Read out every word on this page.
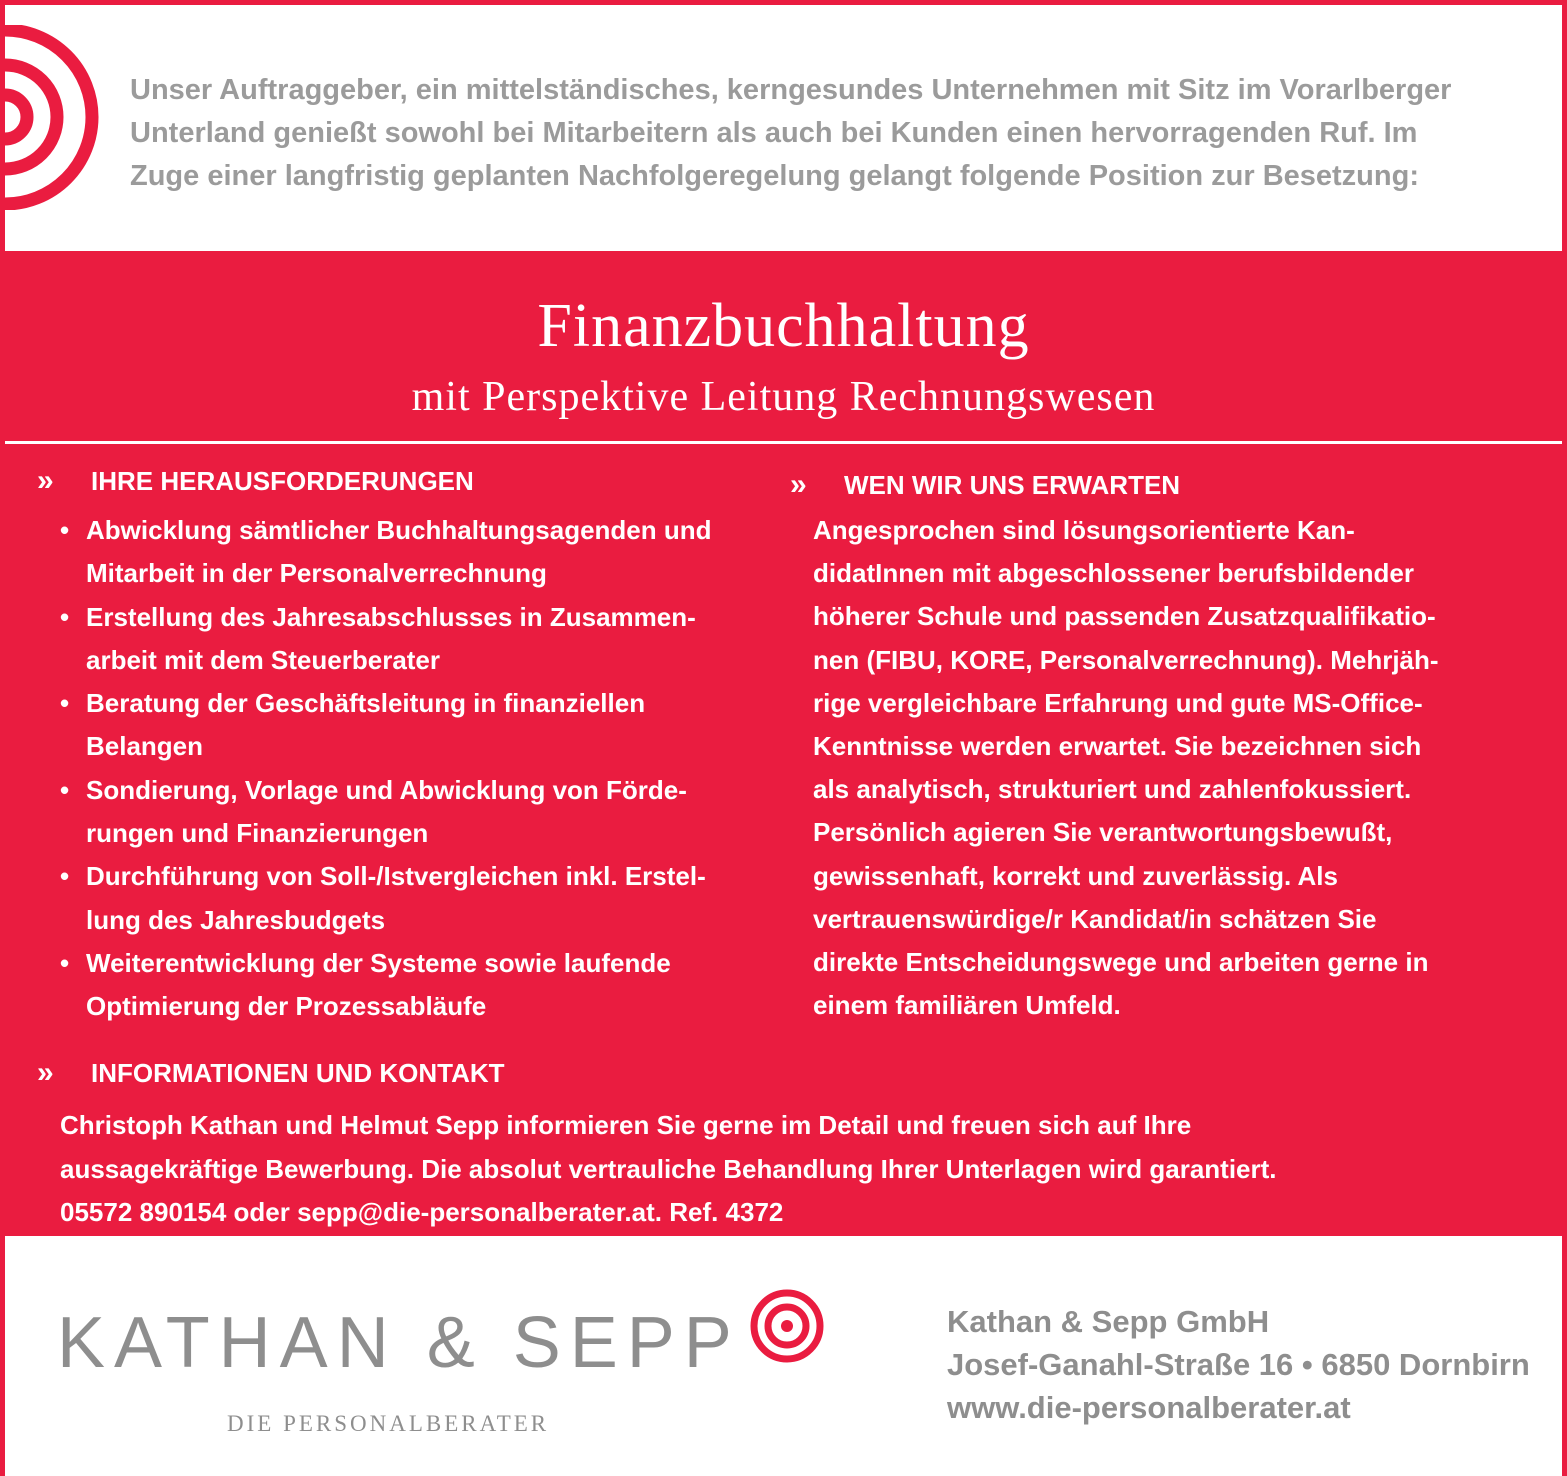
Unser Auftraggeber, ein mittelständisches, kerngesundes Unternehmen mit Sitz im Vorarlberger
Unterland genießt sowohl bei Mitarbeitern als auch bei Kunden einen hervorragenden Ruf. Im
Zuge einer langfristig geplanten Nachfolgeregelung gelangt folgende Position zur Besetzung:

Finanzbuchhaltung
mit Perspektive Leitung Rechnungswesen
»	IHRE HERAUSFORDERUNGEN
• Abwicklung sämtlicher Buchhaltungsagenden und
Mitarbeit in der Personalverrechnung
• Erstellung des Jahresabschlusses in Zusammen-
arbeit mit dem Steuerberater
• Beratung der Geschäftsleitung in finanziellen
Belangen
• Sondierung, Vorlage und Abwicklung von Förde-
rungen und Finanzierungen
• Durchführung von Soll-/Istvergleichen inkl. Erstel-
lung des Jahresbudgets
• Weiterentwicklung der Systeme sowie laufende
Optimierung der Prozessabläufe
»	WEN WIR UNS ERWARTEN

Angesprochen sind lösungsorientierte Kan-
didatInnen mit abgeschlossener berufsbildender
höherer Schule und passenden Zusatzqualifikatio-
nen (FIBU, KORE, Personalverrechnung). Mehrjäh-
rige vergleichbare Erfahrung und gute MS-Office-
Kenntnisse werden erwartet. Sie bezeichnen sich
als analytisch, strukturiert und zahlenfokussiert.
Persönlich agieren Sie verantwortungsbewußt,
gewissenhaft, korrekt und zuverlässig. Als
vertrauenswürdige/r Kandidat/in schätzen Sie
direkte Entscheidungswege und arbeiten gerne in
einem familiären Umfeld.

»	INFORMATIONEN UND KONTAKT

Christoph Kathan und Helmut Sepp informieren Sie gerne im Detail und freuen sich auf Ihre
aussagekräftige Bewerbung. Die absolut vertrauliche Behandlung Ihrer Unterlagen wird garantiert.
05572 890154 oder sepp@die-personalberater.at. Ref. 4372

KATHAN & SEPP
DIE PERSONALBERATER

Kathan & Sepp GmbH
Josef-Ganahl-Straße 16 • 6850 Dornbirn
www.die-personalberater.at
